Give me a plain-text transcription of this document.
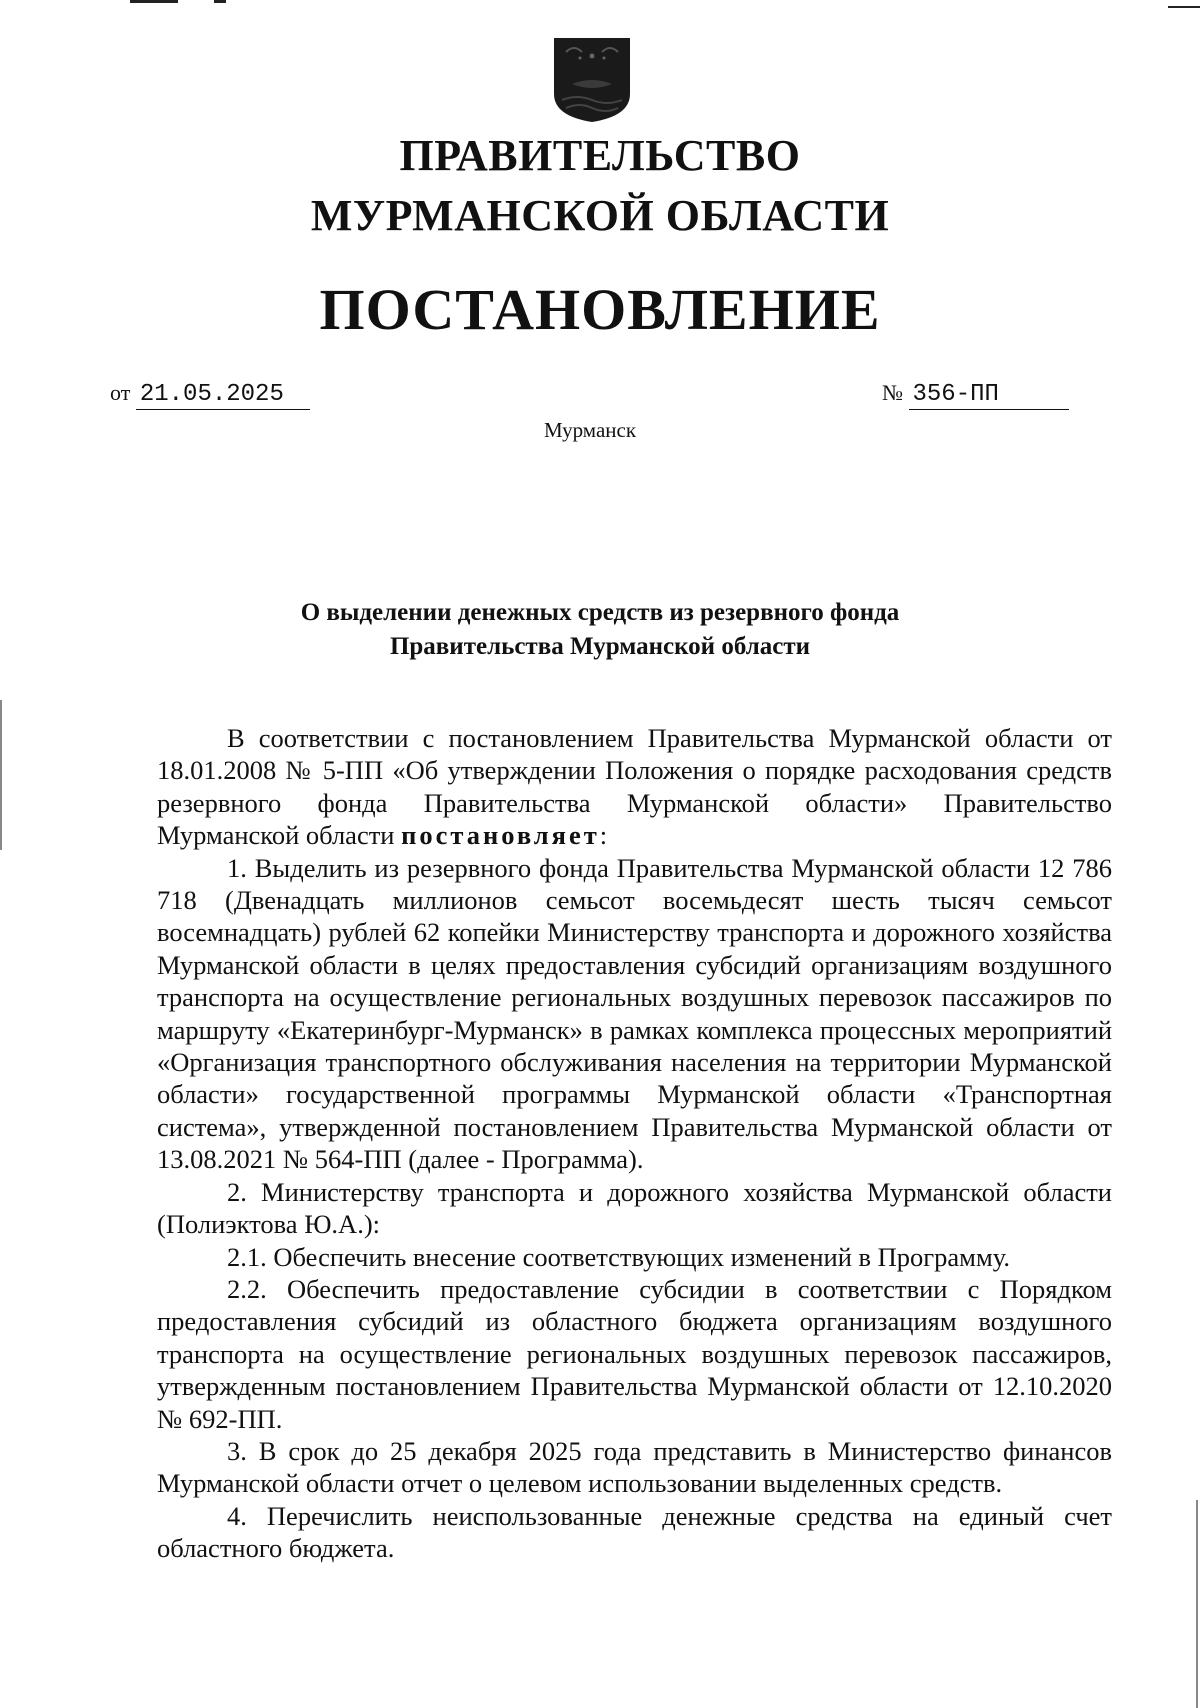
ПРАВИТЕЛЬСТВО
МУРМАНСКОЙ ОБЛАСТИ
ПОСТАНОВЛЕНИЕ
от 21.05.2025	№ 356-ПП
Мурманск
О выделении денежных средств из резервного фонда
Правительства Мурманской области

В соответствии с постановлением Правительства Мурманской области от 18.01.2008 № 5-ПП «Об утверждении Положения о порядке расходования средств резервного фонда Правительства Мурманской области» Правительство Мурманской области постановляет:

1. Выделить из резервного фонда Правительства Мурманской области 12 786 718 (Двенадцать миллионов семьсот восемьдесят шесть тысяч семьсот восемнадцать) рублей 62 копейки Министерству транспорта и дорожного хозяйства Мурманской области в целях предоставления субсидий организациям воздушного транспорта на осуществление региональных воздушных перевозок пассажиров по маршруту «Екатеринбург-Мурманск» в рамках комплекса процессных мероприятий «Организация транспортного обслуживания населения на территории Мурманской области» государственной программы Мурманской области «Транспортная система», утвержденной постановлением Правительства Мурманской области от 13.08.2021 № 564-ПП (далее - Программа).

2. Министерству транспорта и дорожного хозяйства Мурманской области (Полиэктова Ю.А.):

2.1. Обеспечить внесение соответствующих изменений в Программу.

2.2. Обеспечить предоставление субсидии в соответствии с Порядком предоставления субсидий из областного бюджета организациям воздушного транспорта на осуществление региональных воздушных перевозок пассажиров, утвержденным постановлением Правительства Мурманской области от 12.10.2020 № 692-ПП.

3. В срок до 25 декабря 2025 года представить в Министерство финансов Мурманской области отчет о целевом использовании выделенных средств.

4. Перечислить неиспользованные денежные средства на единый счет областного бюджета.
